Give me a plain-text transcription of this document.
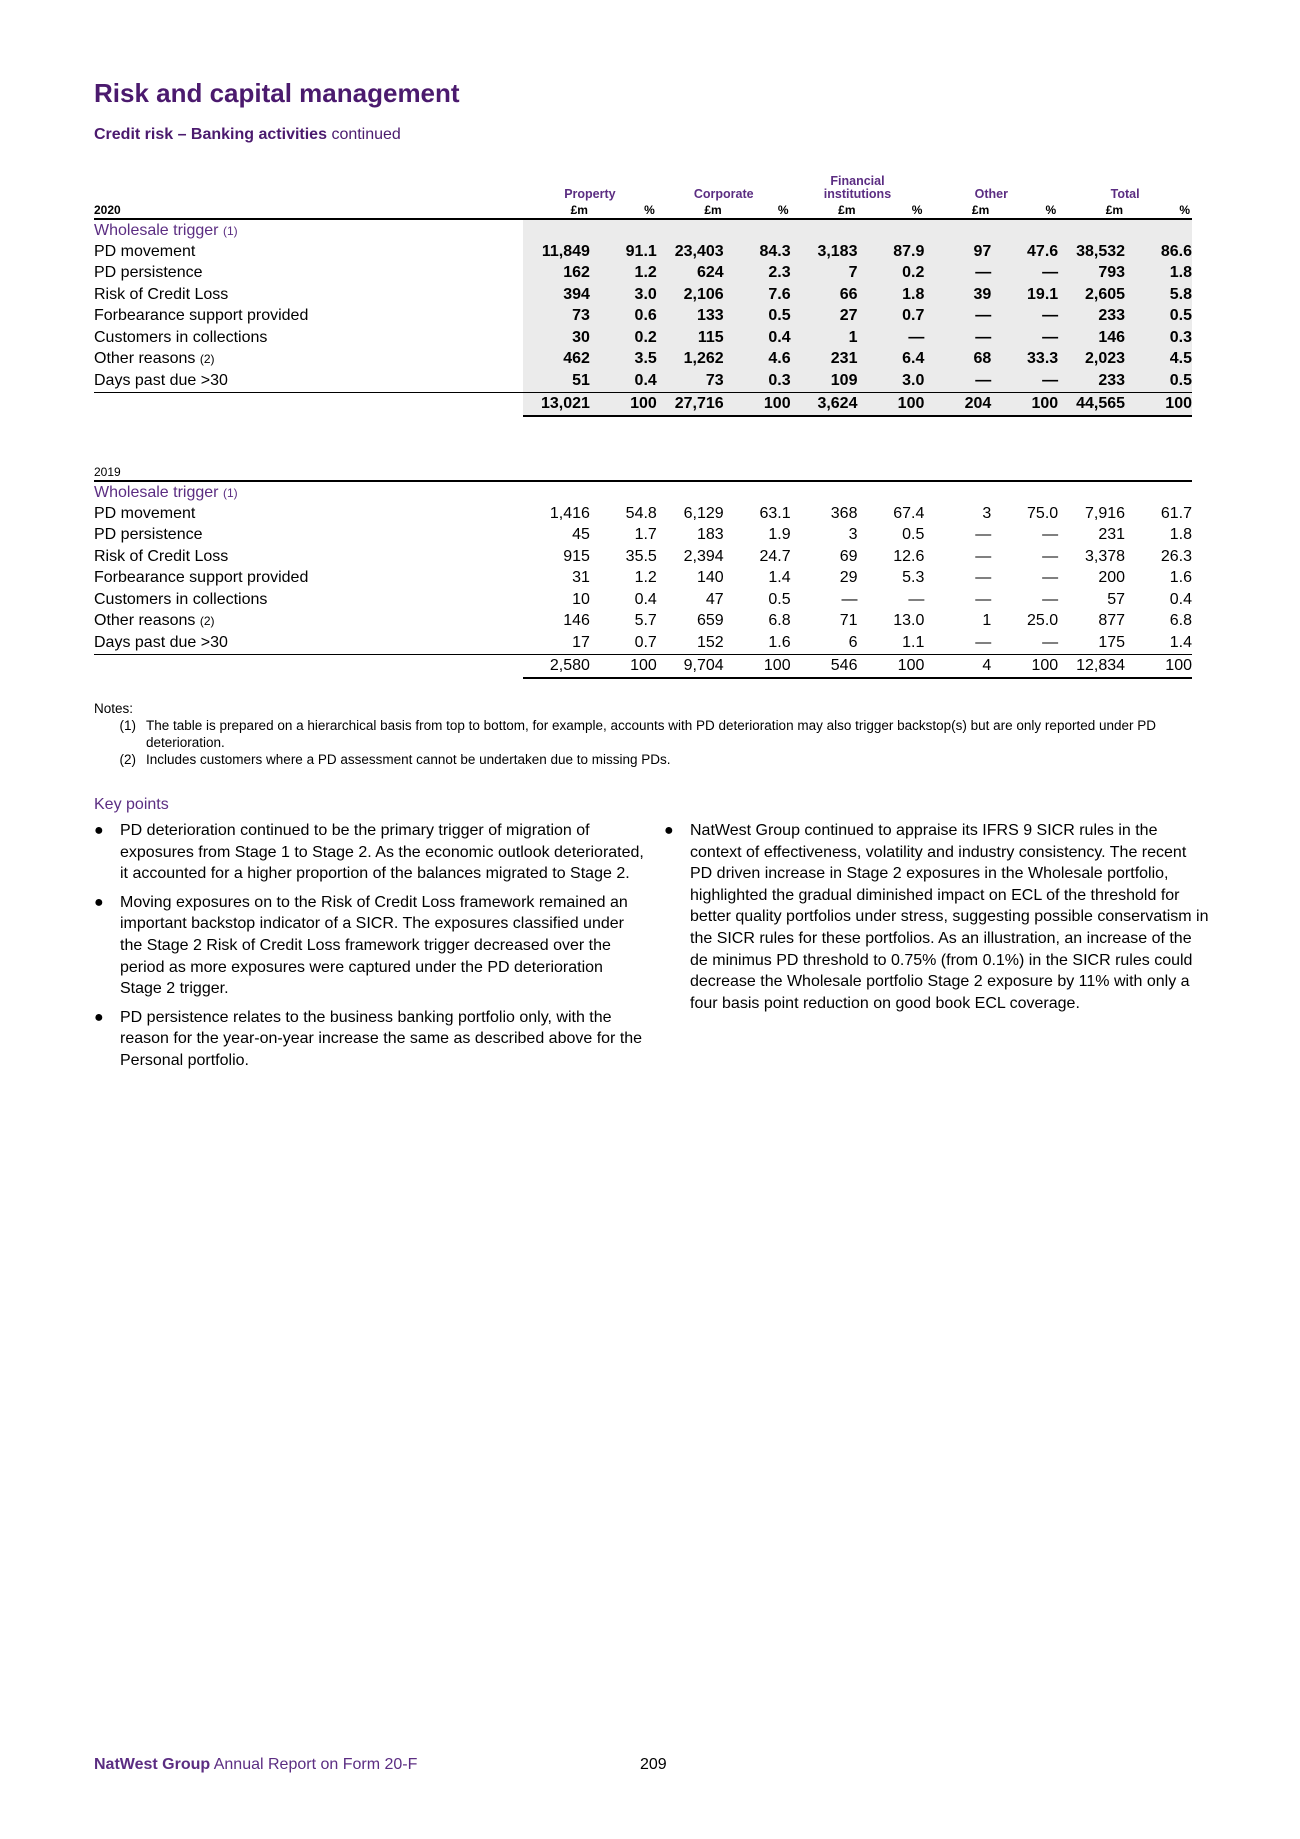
Risk and capital management
Credit risk – Banking activities continued
	Property		Corporate		Financial institutions		Other		Total	
2020	£m	%	£m	%	£m	%	£m	%	£m	%
Wholesale trigger (1)										
PD movement	11,849	91.1	23,403	84.3	3,183	87.9	97	47.6	38,532	86.6
PD persistence	162	1.2	624	2.3	7	0.2	—	—	793	1.8
Risk of Credit Loss	394	3.0	2,106	7.6	66	1.8	39	19.1	2,605	5.8
Forbearance support provided	73	0.6	133	0.5	27	0.7	—	—	233	0.5
Customers in collections	30	0.2	115	0.4	1	—	—	—	146	0.3
Other reasons (2)	462	3.5	1,262	4.6	231	6.4	68	33.3	2,023	4.5
Days past due >30	51	0.4	73	0.3	109	3.0	—	—	233	0.5
	13,021	100	27,716	100	3,624	100	204	100	44,565	100
2019										
Wholesale trigger (1)										
PD movement	1,416	54.8	6,129	63.1	368	67.4	3	75.0	7,916	61.7
PD persistence	45	1.7	183	1.9	3	0.5	—	—	231	1.8
Risk of Credit Loss	915	35.5	2,394	24.7	69	12.6	—	—	3,378	26.3
Forbearance support provided	31	1.2	140	1.4	29	5.3	—	—	200	1.6
Customers in collections	10	0.4	47	0.5	—	—	—	—	57	0.4
Other reasons (2)	146	5.7	659	6.8	71	13.0	1	25.0	877	6.8
Days past due >30	17	0.7	152	1.6	6	1.1	—	—	175	1.4
	2,580	100	9,704	100	546	100	4	100	12,834	100
Notes:
(1) The table is prepared on a hierarchical basis from top to bottom, for example, accounts with PD deterioration may also trigger backstop(s) but are only reported under PD deterioration.
(2) Includes customers where a PD assessment cannot be undertaken due to missing PDs.
Key points
● PD deterioration continued to be the primary trigger of migration of exposures from Stage 1 to Stage 2. As the economic outlook deteriorated, it accounted for a higher proportion of the balances migrated to Stage 2.
● Moving exposures on to the Risk of Credit Loss framework remained an important backstop indicator of a SICR. The exposures classified under the Stage 2 Risk of Credit Loss framework trigger decreased over the period as more exposures were captured under the PD deterioration Stage 2 trigger.
● PD persistence relates to the business banking portfolio only, with the reason for the year-on-year increase the same as described above for the Personal portfolio.
● NatWest Group continued to appraise its IFRS 9 SICR rules in the context of effectiveness, volatility and industry consistency. The recent PD driven increase in Stage 2 exposures in the Wholesale portfolio, highlighted the gradual diminished impact on ECL of the threshold for better quality portfolios under stress, suggesting possible conservatism in the SICR rules for these portfolios. As an illustration, an increase of the de minimus PD threshold to 0.75% (from 0.1%) in the SICR rules could decrease the Wholesale portfolio Stage 2 exposure by 11% with only a four basis point reduction on good book ECL coverage.
NatWest Group Annual Report on Form 20-F	209
